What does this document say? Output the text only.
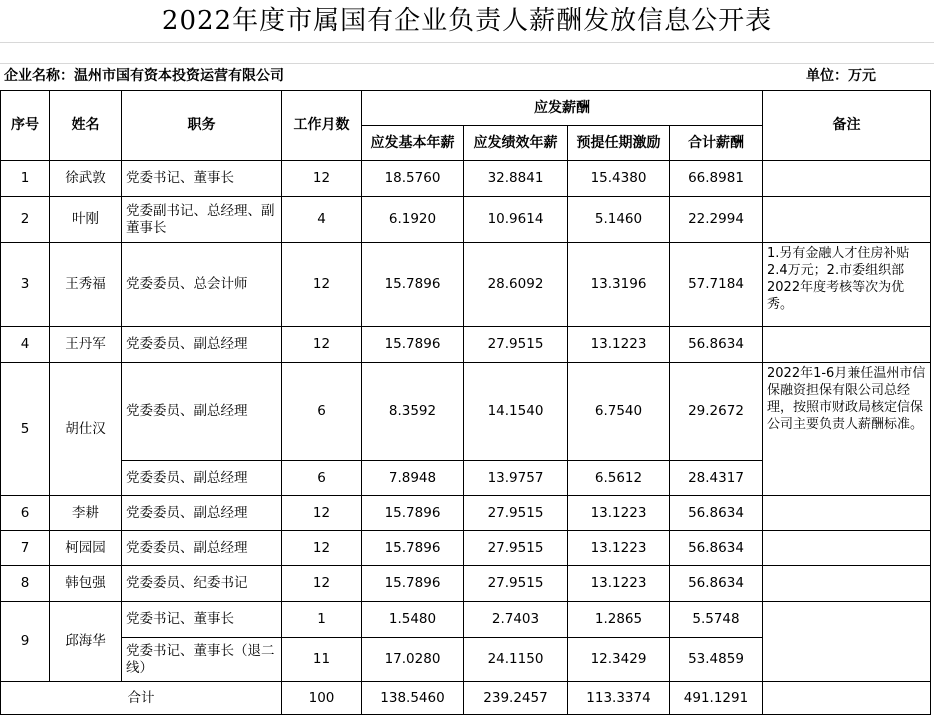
2022年度市属国有企业负责人薪酬发放信息公开表
企业名称：温州市国有资本投资运营有限公司	单位：万元
序号	姓名	职务	工作月数	应发薪酬				备注
				应发基本年薪	应发绩效年薪	预提任期激励	合计薪酬	
1	徐武敦	党委书记、董事长	12	18.5760	32.8841	15.4380	66.8981	
2	叶刚	党委副书记、总经理、副董事长	4	6.1920	10.9614	5.1460	22.2994	
3	王秀福	党委委员、总会计师	12	15.7896	28.6092	13.3196	57.7184	1.另有金融人才住房补贴2.4万元；2.市委组织部2022年度考核等次为优秀。
4	王丹军	党委委员、副总经理	12	15.7896	27.9515	13.1223	56.8634	
5	胡仕汉	党委委员、副总经理	6	8.3592	14.1540	6.7540	29.2672	2022年1-6月兼任温州市信保融资担保有限公司总经理，按照市财政局核定信保公司主要负责人薪酬标准。
		党委委员、副总经理	6	7.8948	13.9757	6.5612	28.4317	
6	李耕	党委委员、副总经理	12	15.7896	27.9515	13.1223	56.8634	
7	柯园园	党委委员、副总经理	12	15.7896	27.9515	13.1223	56.8634	
8	韩包强	党委委员、纪委书记	12	15.7896	27.9515	13.1223	56.8634	
9	邱海华	党委书记、董事长	1	1.5480	2.7403	1.2865	5.5748	
		党委书记、董事长（退二线）	11	17.0280	24.1150	12.3429	53.4859	
合计			100	138.5460	239.2457	113.3374	491.1291	
